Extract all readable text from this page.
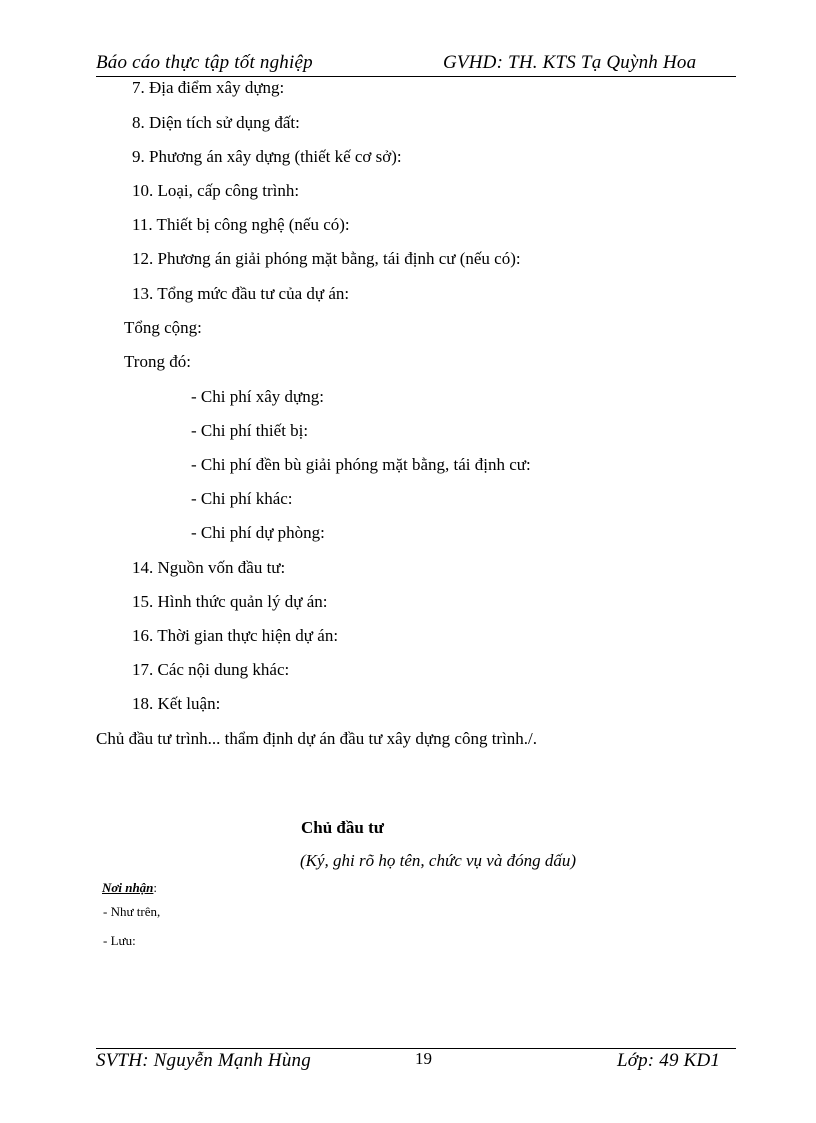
Báo cáo thực tập tốt nghiệp	GVHD: TH. KTS Tạ Quỳnh Hoa
7. Địa điểm xây dựng:
8. Diện tích sử dụng đất:
9. Phương án xây dựng (thiết kế cơ sở):
10. Loại, cấp công trình:
11. Thiết bị công nghệ (nếu có):
12. Phương án giải phóng mặt bằng, tái định cư (nếu có):
13. Tổng mức đầu tư của dự án:
Tổng cộng:
Trong đó:
- Chi phí xây dựng:
- Chi phí thiết bị:
- Chi phí đền bù giải phóng mặt bằng, tái định cư:
- Chi phí khác:
- Chi phí dự phòng:
14. Nguồn vốn đầu tư:
15. Hình thức quản lý dự án:
16. Thời gian thực hiện dự án:
17. Các nội dung khác:
18. Kết luận:
Chủ đầu tư trình... thẩm định dự án đầu tư xây dựng công trình./.
Chủ đầu tư
(Ký, ghi rõ họ tên, chức vụ và đóng dấu)
Nơi nhận:
- Như trên,
- Lưu:
SVTH: Nguyễn Mạnh Hùng	19	Lớp: 49 KD1
